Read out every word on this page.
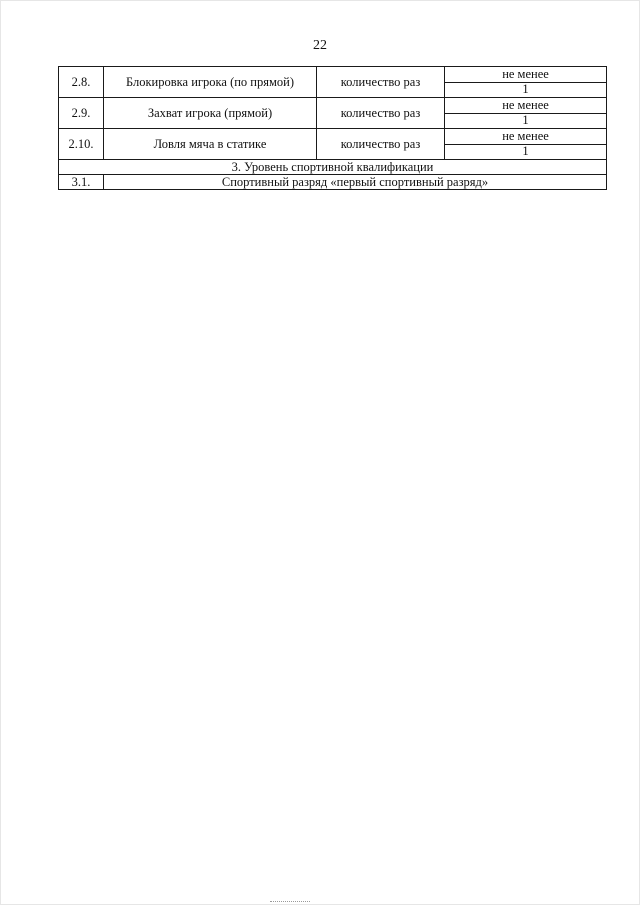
22
2.8.	Блокировка игрока (по прямой)	количество раз	не менее
			1
2.9.	Захват игрока (прямой)	количество раз	не менее
			1
2.10.	Ловля мяча в статике	количество раз	не менее
			1
3. Уровень спортивной квалификации			
3.1.	Спортивный разряд «первый спортивный разряд»		
